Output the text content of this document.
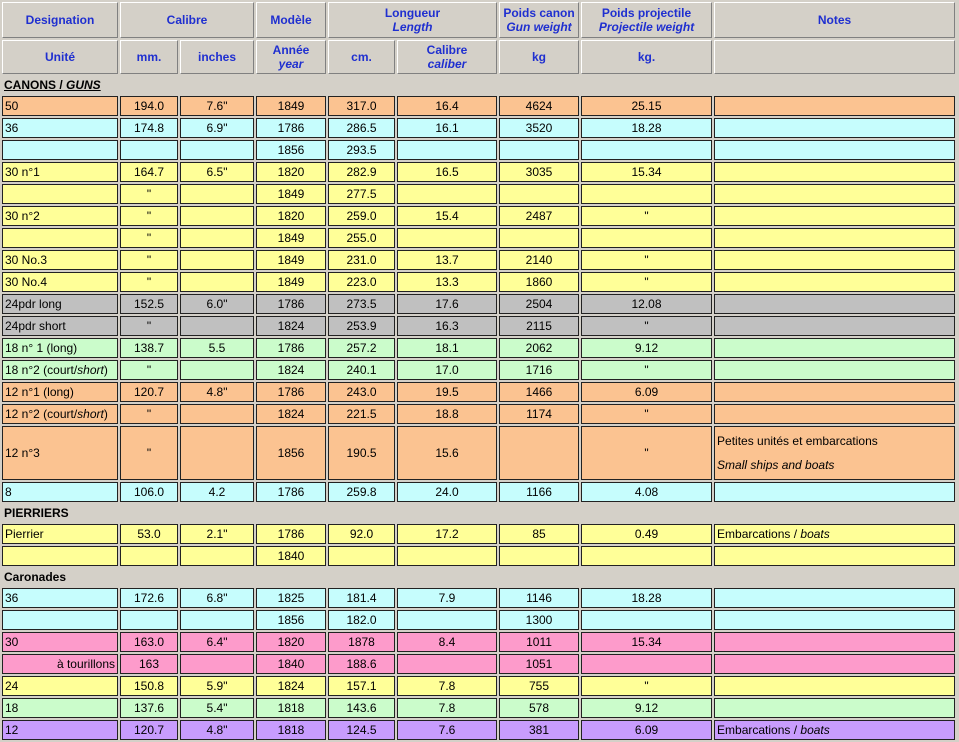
Designation	Calibre		Modèle	Longueur
Length		Poids canon
Gun weight	Poids projectile
Projectile weight	Notes
Unité	mm.	inches	Année
year	cm.	Calibre
caliber	kg	kg.	
CANONS / GUNS								
50	194.0	7.6"	1849	317.0	16.4	4624	25.15	
36	174.8	6.9"	1786	286.5	16.1	3520	18.28	
			1856	293.5				
30 n°1	164.7	6.5"	1820	282.9	16.5	3035	15.34	
	"		1849	277.5				
30 n°2	"		1820	259.0	15.4	2487	"	
	"		1849	255.0				
30 No.3	"		1849	231.0	13.7	2140	"	
30 No.4	"		1849	223.0	13.3	1860	"	
24pdr long	152.5	6.0"	1786	273.5	17.6	2504	12.08	
24pdr short	"		1824	253.9	16.3	2115	"	
18 n° 1 (long)	138.7	5.5	1786	257.2	18.1	2062	9.12	
18 n°2 (court/short)	"		1824	240.1	17.0	1716	"	
12 n°1 (long)	120.7	4.8"	1786	243.0	19.5	1466	6.09	
12 n°2 (court/short)	"		1824	221.5	18.8	1174	"	
12 n°3	"		1856	190.5	15.6		"	Petites unités et embarcations
Small ships and boats

8	106.0	4.2	1786	259.8	24.0	1166	4.08	
PIERRIERS								
Pierrier	53.0	2.1"	1786	92.0	17.2	85	0.49	Embarcations / boats
			1840					
Caronades								
36	172.6	6.8"	1825	181.4	7.9	1146	18.28	
			1856	182.0		1300		
30	163.0	6.4"	1820	1878	8.4	1011	15.34	
à tourillons	163		1840	188.6		1051		
24	150.8	5.9"	1824	157.1	7.8	755	"	
18	137.6	5.4"	1818	143.6	7.8	578	9.12	
12	120.7	4.8"	1818	124.5	7.6	381	6.09	Embarcations / boats
